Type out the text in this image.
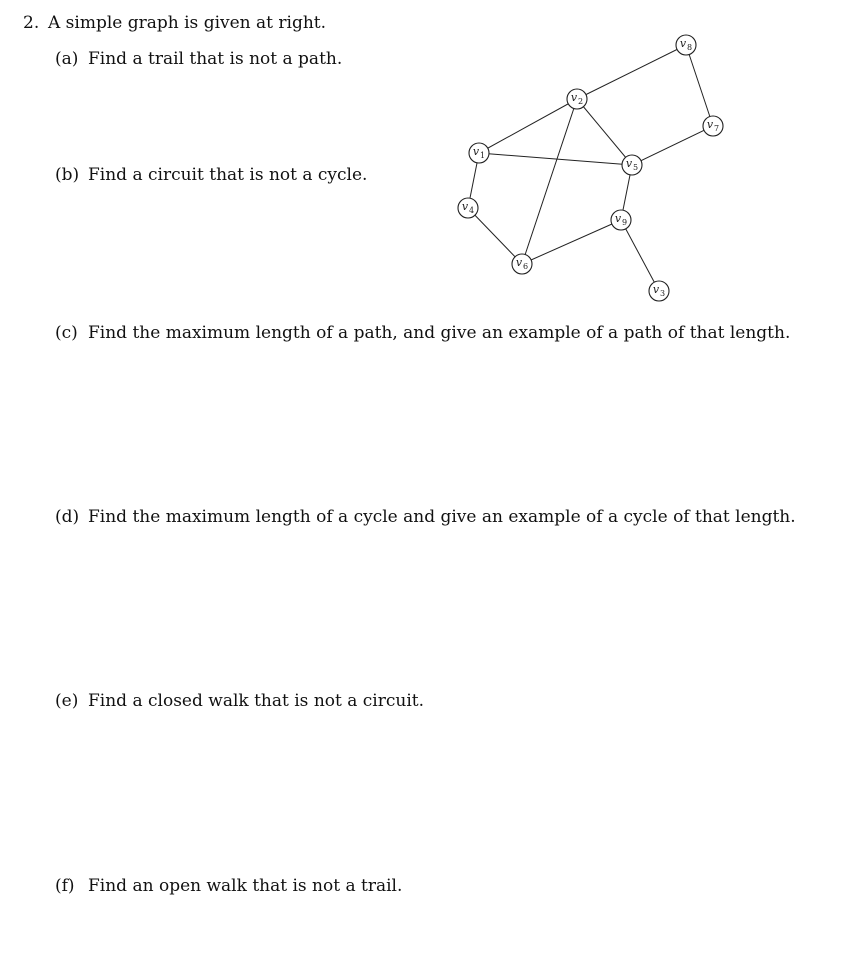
2. A simple graph is given at right.
(a) Find a trail that is not a path.
(b) Find a circuit that is not a cycle.
(c) Find the maximum length of a path, and give an example of a path of that length.
(d) Find the maximum length of a cycle and give an example of a cycle of that length.
(e) Find a closed walk that is not a circuit.
(f) Find an open walk that is not a trail.
v 1
v 2
v 3
v 4
v 5
v 6
v 7
v 8
v 9
